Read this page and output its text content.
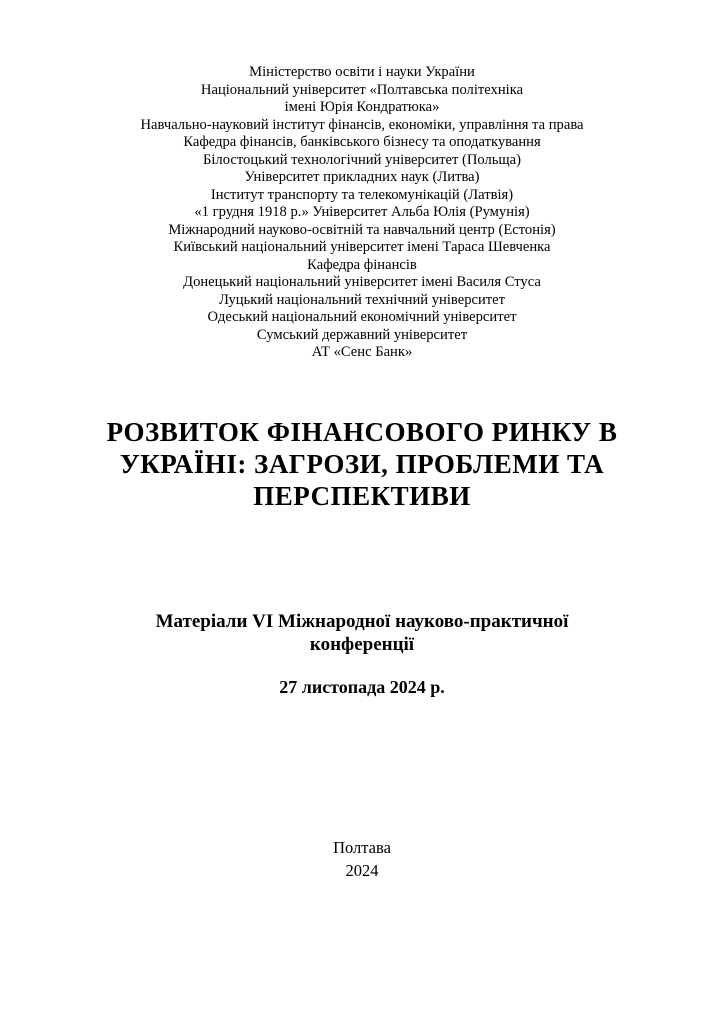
Міністерство освіти і науки України
Національний університет «Полтавська політехніка
імені Юрія Кондратюка»
Навчально-науковий інститут фінансів, економіки, управління та права
Кафедра фінансів, банківського бізнесу та оподаткування
Білостоцький технологічний університет (Польща)
Університет прикладних наук (Литва)
Інститут транспорту та телекомунікацій (Латвія)
«1 грудня 1918 р.» Університет Альба Юлія (Румунія)
Міжнародний науково-освітній та навчальний центр (Естонія)
Київський національний університет імені Тараса Шевченка
Кафедра фінансів
Донецький національний університет імені Василя Стуса
Луцький національний технічний університет
Одеський національний економічний університет
Сумський державний університет
АТ «Сенс Банк»
РОЗВИТОК ФІНАНСОВОГО РИНКУ В
УКРАЇНІ: ЗАГРОЗИ, ПРОБЛЕМИ ТА
ПЕРСПЕКТИВИ
Матеріали VI Міжнародної науково-практичної
конференції
27 листопада 2024 р.
Полтава
2024
